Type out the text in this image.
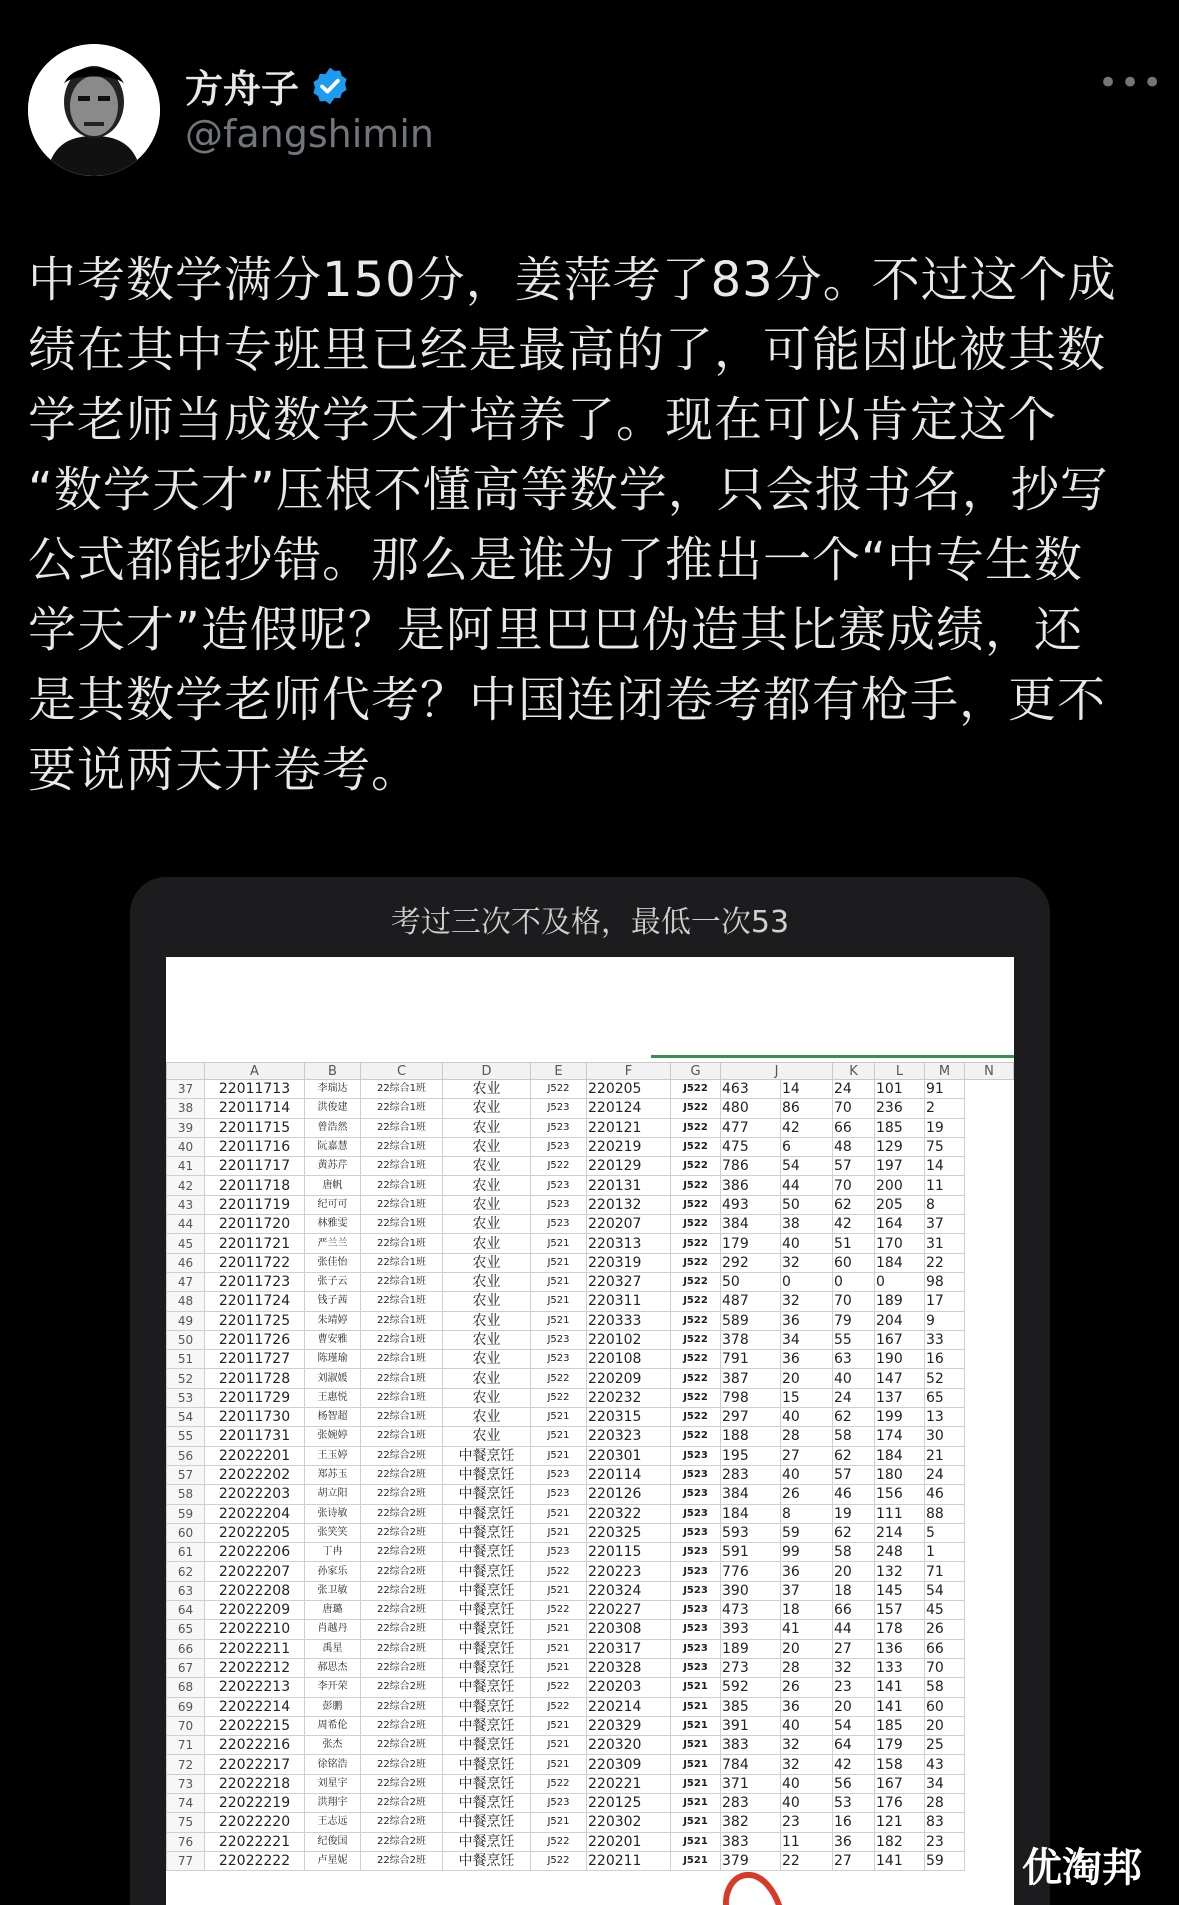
方舟子
@fangshimin
•••
中考数学满分150分，姜萍考了83分。不过这个成
绩在其中专班里已经是最高的了，可能因此被其数
学老师当成数学天才培养了。现在可以肯定这个
“数学天才”压根不懂高等数学，只会报书名，抄写
公式都能抄错。那么是谁为了推出一个“中专生数
学天才”造假呢？是阿里巴巴伪造其比赛成绩，还
是其数学老师代考？中国连闭卷考都有枪手，更不
要说两天开卷考。
考过三次不及格，最低一次53
	A	B	C	D	E	F	G	J		K	L	M	N
37	22011713	李瑞达	22综合1班	农业	J522	220205	J522	463	14	24	101	91	
38	22011714	洪俊建	22综合1班	农业	J523	220124	J522	480	86	70	236	2	
39	22011715	曾浩然	22综合1班	农业	J523	220121	J522	477	42	66	185	19	
40	22011716	阮嘉慧	22综合1班	农业	J523	220219	J522	475	6	48	129	75	
41	22011717	黄苏芹	22综合1班	农业	J522	220129	J522	786	54	57	197	14	
42	22011718	唐帆	22综合1班	农业	J523	220131	J522	386	44	70	200	11	
43	22011719	纪可可	22综合1班	农业	J523	220132	J522	493	50	62	205	8	
44	22011720	林雅雯	22综合1班	农业	J523	220207	J522	384	38	42	164	37	
45	22011721	严兰兰	22综合1班	农业	J521	220313	J522	179	40	51	170	31	
46	22011722	张佳怡	22综合1班	农业	J521	220319	J522	292	32	60	184	22	
47	22011723	张子云	22综合1班	农业	J521	220327	J522	50	0	0	0	98	
48	22011724	钱子茜	22综合1班	农业	J521	220311	J522	487	32	70	189	17	
49	22011725	朱靖婷	22综合1班	农业	J521	220333	J522	589	36	79	204	9	
50	22011726	曹安雅	22综合1班	农业	J523	220102	J522	378	34	55	167	33	
51	22011727	陈瑾瑜	22综合1班	农业	J523	220108	J522	791	36	63	190	16	
52	22011728	刘淑媛	22综合1班	农业	J522	220209	J522	387	20	40	147	52	
53	22011729	王惠悦	22综合1班	农业	J522	220232	J522	798	15	24	137	65	
54	22011730	杨智超	22综合1班	农业	J521	220315	J522	297	40	62	199	13	
55	22011731	张婉婷	22综合1班	农业	J521	220323	J522	188	28	58	174	30	
56	22022201	王玉婷	22综合2班	中餐烹饪	J521	220301	J523	195	27	62	184	21	
57	22022202	郑苏玉	22综合2班	中餐烹饪	J523	220114	J523	283	40	57	180	24	
58	22022203	胡立阳	22综合2班	中餐烹饪	J523	220126	J523	384	26	46	156	46	
59	22022204	张诗敏	22综合2班	中餐烹饪	J521	220322	J523	184	8	19	111	88	
60	22022205	张笑笑	22综合2班	中餐烹饪	J521	220325	J523	593	59	62	214	5	
61	22022206	丁冉	22综合2班	中餐烹饪	J523	220115	J523	591	99	58	248	1	
62	22022207	孙家乐	22综合2班	中餐烹饪	J522	220223	J523	776	36	20	132	71	
63	22022208	张卫敏	22综合2班	中餐烹饪	J521	220324	J523	390	37	18	145	54	
64	22022209	唐璐	22综合2班	中餐烹饪	J522	220227	J523	473	18	66	157	45	
65	22022210	肖越丹	22综合2班	中餐烹饪	J521	220308	J523	393	41	44	178	26	
66	22022211	禹星	22综合2班	中餐烹饪	J521	220317	J523	189	20	27	136	66	
67	22022212	郝思杰	22综合2班	中餐烹饪	J521	220328	J523	273	28	32	133	70	
68	22022213	李开荣	22综合2班	中餐烹饪	J522	220203	J521	592	26	23	141	58	
69	22022214	彭鹏	22综合2班	中餐烹饪	J522	220214	J521	385	36	20	141	60	
70	22022215	周希伦	22综合2班	中餐烹饪	J521	220329	J521	391	40	54	185	20	
71	22022216	张杰	22综合2班	中餐烹饪	J521	220320	J521	383	32	64	179	25	
72	22022217	徐铭浩	22综合2班	中餐烹饪	J521	220309	J521	784	32	42	158	43	
73	22022218	刘星宇	22综合2班	中餐烹饪	J522	220221	J521	371	40	56	167	34	
74	22022219	洪翔宇	22综合2班	中餐烹饪	J523	220125	J521	283	40	53	176	28	
75	22022220	王志远	22综合2班	中餐烹饪	J521	220302	J521	382	23	16	121	83	
76	22022221	纪俊国	22综合2班	中餐烹饪	J522	220201	J521	383	11	36	182	23	
77	22022222	卢星妮	22综合2班	中餐烹饪	J522	220211	J521	379	22	27	141	59	优淘邦
